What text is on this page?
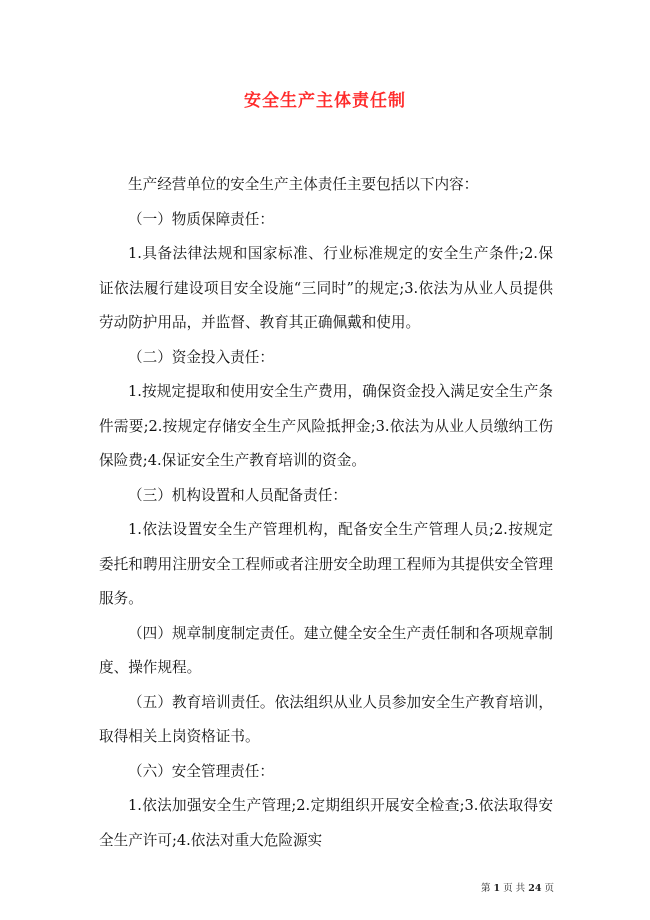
安全生产主体责任制

生产经营单位的安全生产主体责任主要包括以下内容：

（一）物质保障责任：

1.具备法律法规和国家标准、行业标准规定的安全生产条件;2.保证依法履行建设项目安全设施“三同时”的规定;3.依法为从业人员提供劳动防护用品，并监督、教育其正确佩戴和使用。

（二）资金投入责任：

1.按规定提取和使用安全生产费用，确保资金投入满足安全生产条件需要;2.按规定存储安全生产风险抵押金;3.依法为从业人员缴纳工伤保险费;4.保证安全生产教育培训的资金。

（三）机构设置和人员配备责任：

1.依法设置安全生产管理机构，配备安全生产管理人员;2.按规定委托和聘用注册安全工程师或者注册安全助理工程师为其提供安全管理服务。

（四）规章制度制定责任。建立健全安全生产责任制和各项规章制度、操作规程。

（五）教育培训责任。依法组织从业人员参加安全生产教育培训，取得相关上岗资格证书。

（六）安全管理责任：

1.依法加强安全生产管理;2.定期组织开展安全检查;3.依法取得安全生产许可;4.依法对重大危险源实

第 1 页 共 24 页
